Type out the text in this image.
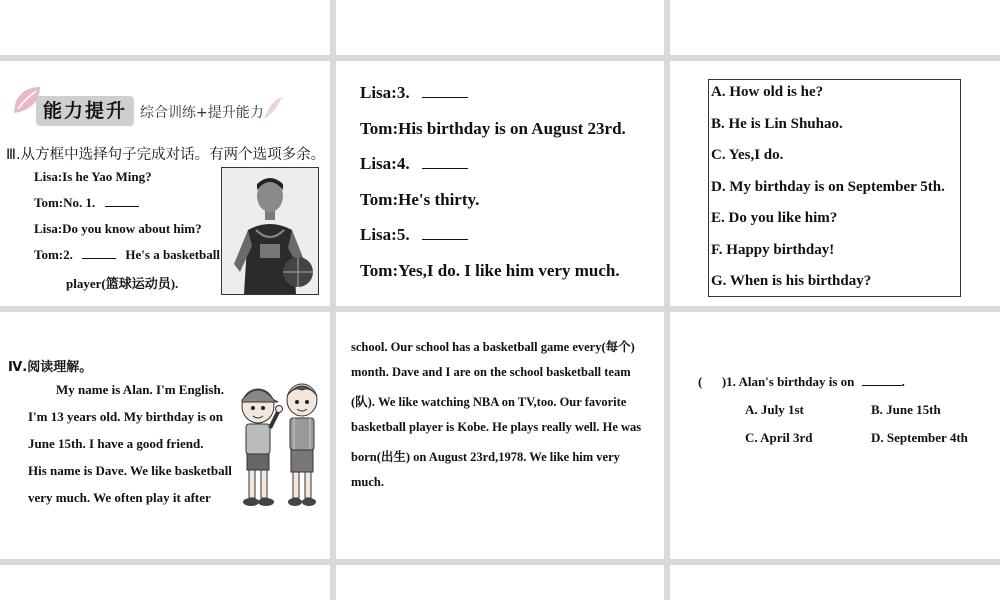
能力提升 综合训练+提升能力
Ⅲ.从方框中选择句子完成对话。有两个选项多余。
Lisa:Is he Yao Ming?
Tom:No. 1.
Lisa:Do you know about him?
Tom:2.	He's a basketball
player(篮球运动员).
Lisa:3.
Tom:His birthday is on August 23rd.
Lisa:4.
Tom:He's thirty.
Lisa:5.
Tom:Yes,I do. I like him very much.
A. How old is he?
B. He is Lin Shuhao.
C. Yes,I do.
D. My birthday is on September 5th.
E. Do you like him?
F. Happy birthday!
G. When is his birthday?
Ⅳ.阅读理解。
My name is Alan. I'm English.
I'm 13 years old. My birthday is on
June 15th. I have a good friend.
His name is Dave. We like basketball
very much. We often play it after
school. Our school has a basketball game every(每个)
month. Dave and I are on the school basketball team
(队). We like watching NBA on TV,too. Our favorite
basketball player is Kobe. He plays really well. He was
born(出生) on August 23rd,1978. We like him very
much.
(      )1. Alan's birthday is on	.
A. July 1st	B. June 15th
C. April 3rd	D. September 4th
